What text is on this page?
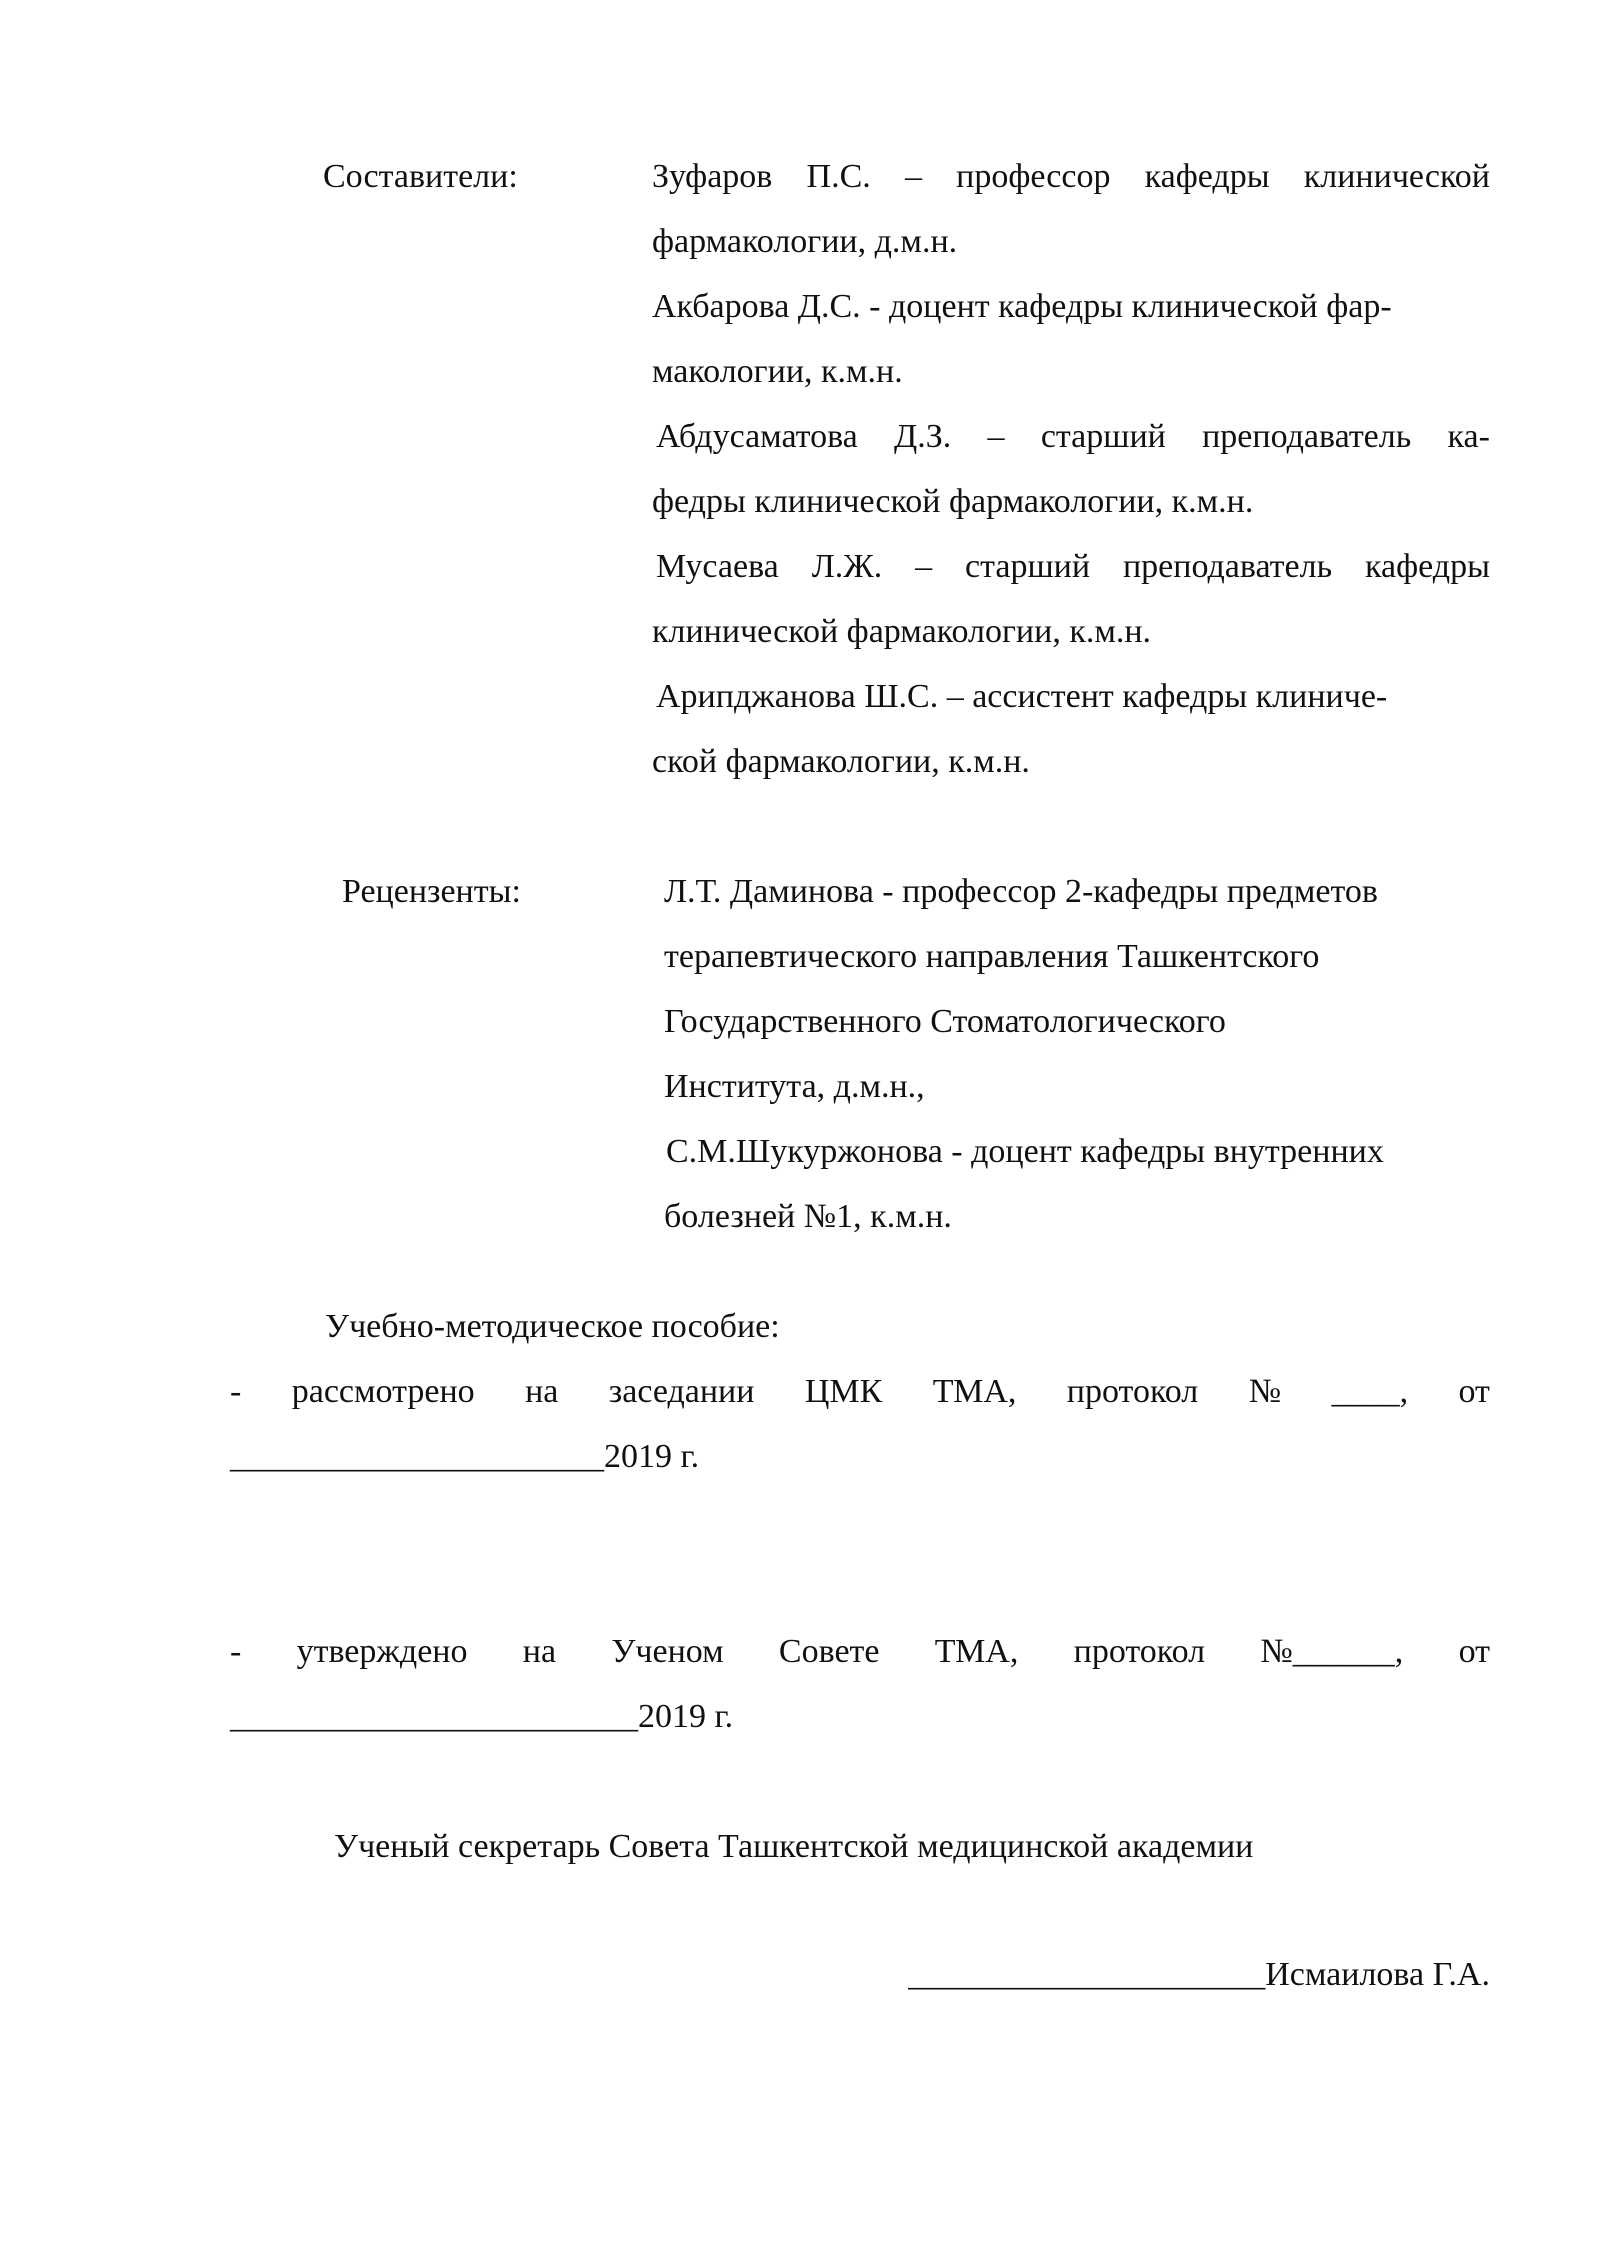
Составители:	Зуфаров П.С. – профессор кафедры клинической
фармакологии, д.м.н.
Акбарова Д.С. - доцент кафедры клинической фар-
макологии, к.м.н.
Абдусаматова Д.З. – старший преподаватель ка-
федры клинической фармакологии, к.м.н.
Мусаева Л.Ж. – старший преподаватель кафедры
клинической фармакологии, к.м.н.
Арипджанова Ш.С. – ассистент кафедры клиниче-
ской фармакологии, к.м.н.
Рецензенты:	Л.Т. Даминова - профессор 2-кафедры предметов
терапевтического направления Ташкентского
Государственного Стоматологического
Института, д.м.н.,
С.М.Шукуржонова - доцент кафедры внутренних
болезней №1, к.м.н.
Учебно-методическое пособие:
- рассмотрено на заседании ЦМК ТМА, протокол № ____, от
______________________2019 г.
- утверждено на Ученом Совете ТМА, протокол №______, от
________________________2019 г.
Ученый секретарь Совета Ташкентской медицинской академии
_____________________Исмаилова Г.А.
